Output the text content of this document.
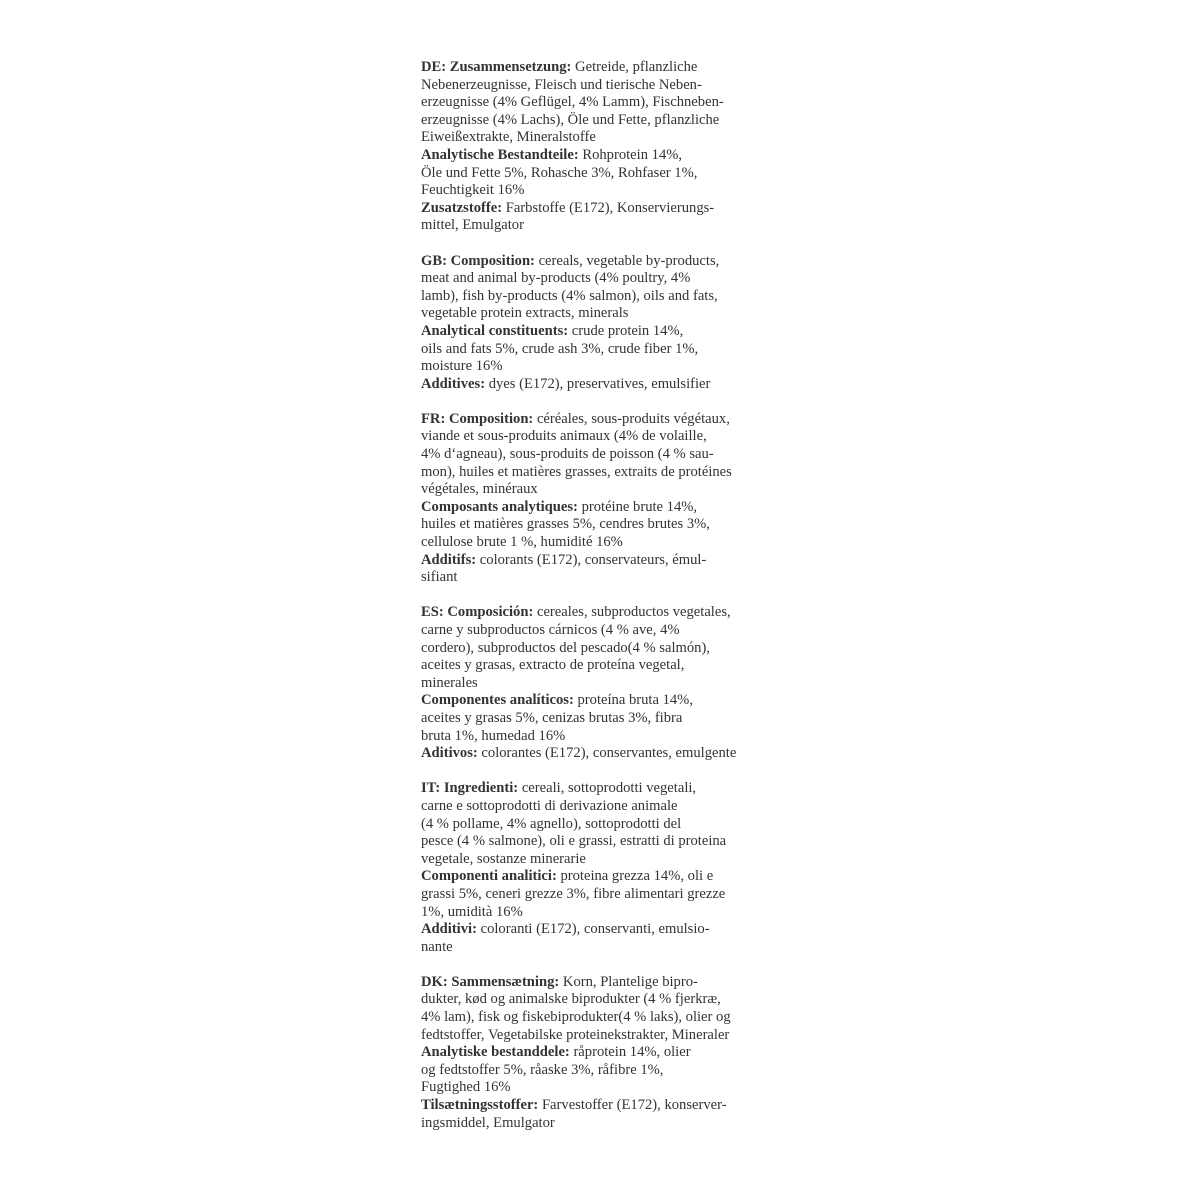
DE: Zusammensetzung: Getreide, pflanzliche
Nebenerzeugnisse, Fleisch und tierische Neben-
erzeugnisse (4% Geflügel, 4% Lamm), Fischneben-
erzeugnisse (4% Lachs), Öle und Fette, pflanzliche
Eiweißextrakte, Mineralstoffe
Analytische Bestandteile: Rohprotein 14%,
Öle und Fette 5%, Rohasche 3%, Rohfaser 1%,
Feuchtigkeit 16%
Zusatzstoffe: Farbstoffe (E172), Konservierungs-
mittel, Emulgator
GB: Composition: cereals, vegetable by-products,
meat and animal by-products (4% poultry, 4%
lamb), fish by-products (4% salmon), oils and fats,
vegetable protein extracts, minerals
Analytical constituents: crude protein 14%,
oils and fats 5%, crude ash 3%, crude fiber 1%,
moisture 16%
Additives: dyes (E172), preservatives, emulsifier
FR: Composition: céréales, sous-produits végétaux,
viande et sous-produits animaux (4% de volaille,
4% d‘agneau), sous-produits de poisson (4 % sau-
mon), huiles et matières grasses, extraits de protéines
végétales, minéraux
Composants analytiques: protéine brute 14%,
huiles et matières grasses 5%, cendres brutes 3%,
cellulose brute 1 %, humidité 16%
Additifs: colorants (E172), conservateurs, émul-
sifiant
ES: Composición: cereales, subproductos vegetales,
carne y subproductos cárnicos (4 % ave, 4%
cordero), subproductos del pescado(4 % salmón),
aceites y grasas, extracto de proteína vegetal,
minerales
Componentes analíticos: proteína bruta 14%,
aceites y grasas 5%, cenizas brutas 3%, fibra
bruta 1%, humedad 16%
Aditivos: colorantes (E172), conservantes, emulgente
IT: Ingredienti: cereali, sottoprodotti vegetali,
carne e sottoprodotti di derivazione animale
(4 % pollame, 4% agnello), sottoprodotti del
pesce (4 % salmone), oli e grassi, estratti di proteina
vegetale, sostanze minerarie
Componenti analitici: proteina grezza 14%, oli e
grassi 5%, ceneri grezze 3%, fibre alimentari grezze
1%, umidità 16%
Additivi: coloranti (E172), conservanti, emulsio-
nante
DK: Sammensætning: Korn, Plantelige bipro-
dukter, kød og animalske biprodukter (4 % fjerkræ,
4% lam), fisk og fiskebiprodukter(4 % laks), olier og
fedtstoffer, Vegetabilske proteinekstrakter, Mineraler
Analytiske bestanddele: råprotein 14%, olier
og fedtstoffer 5%, råaske 3%, råfibre 1%,
Fugtighed 16%
Tilsætningsstoffer: Farvestoffer (E172), konserver-
ingsmiddel, Emulgator
